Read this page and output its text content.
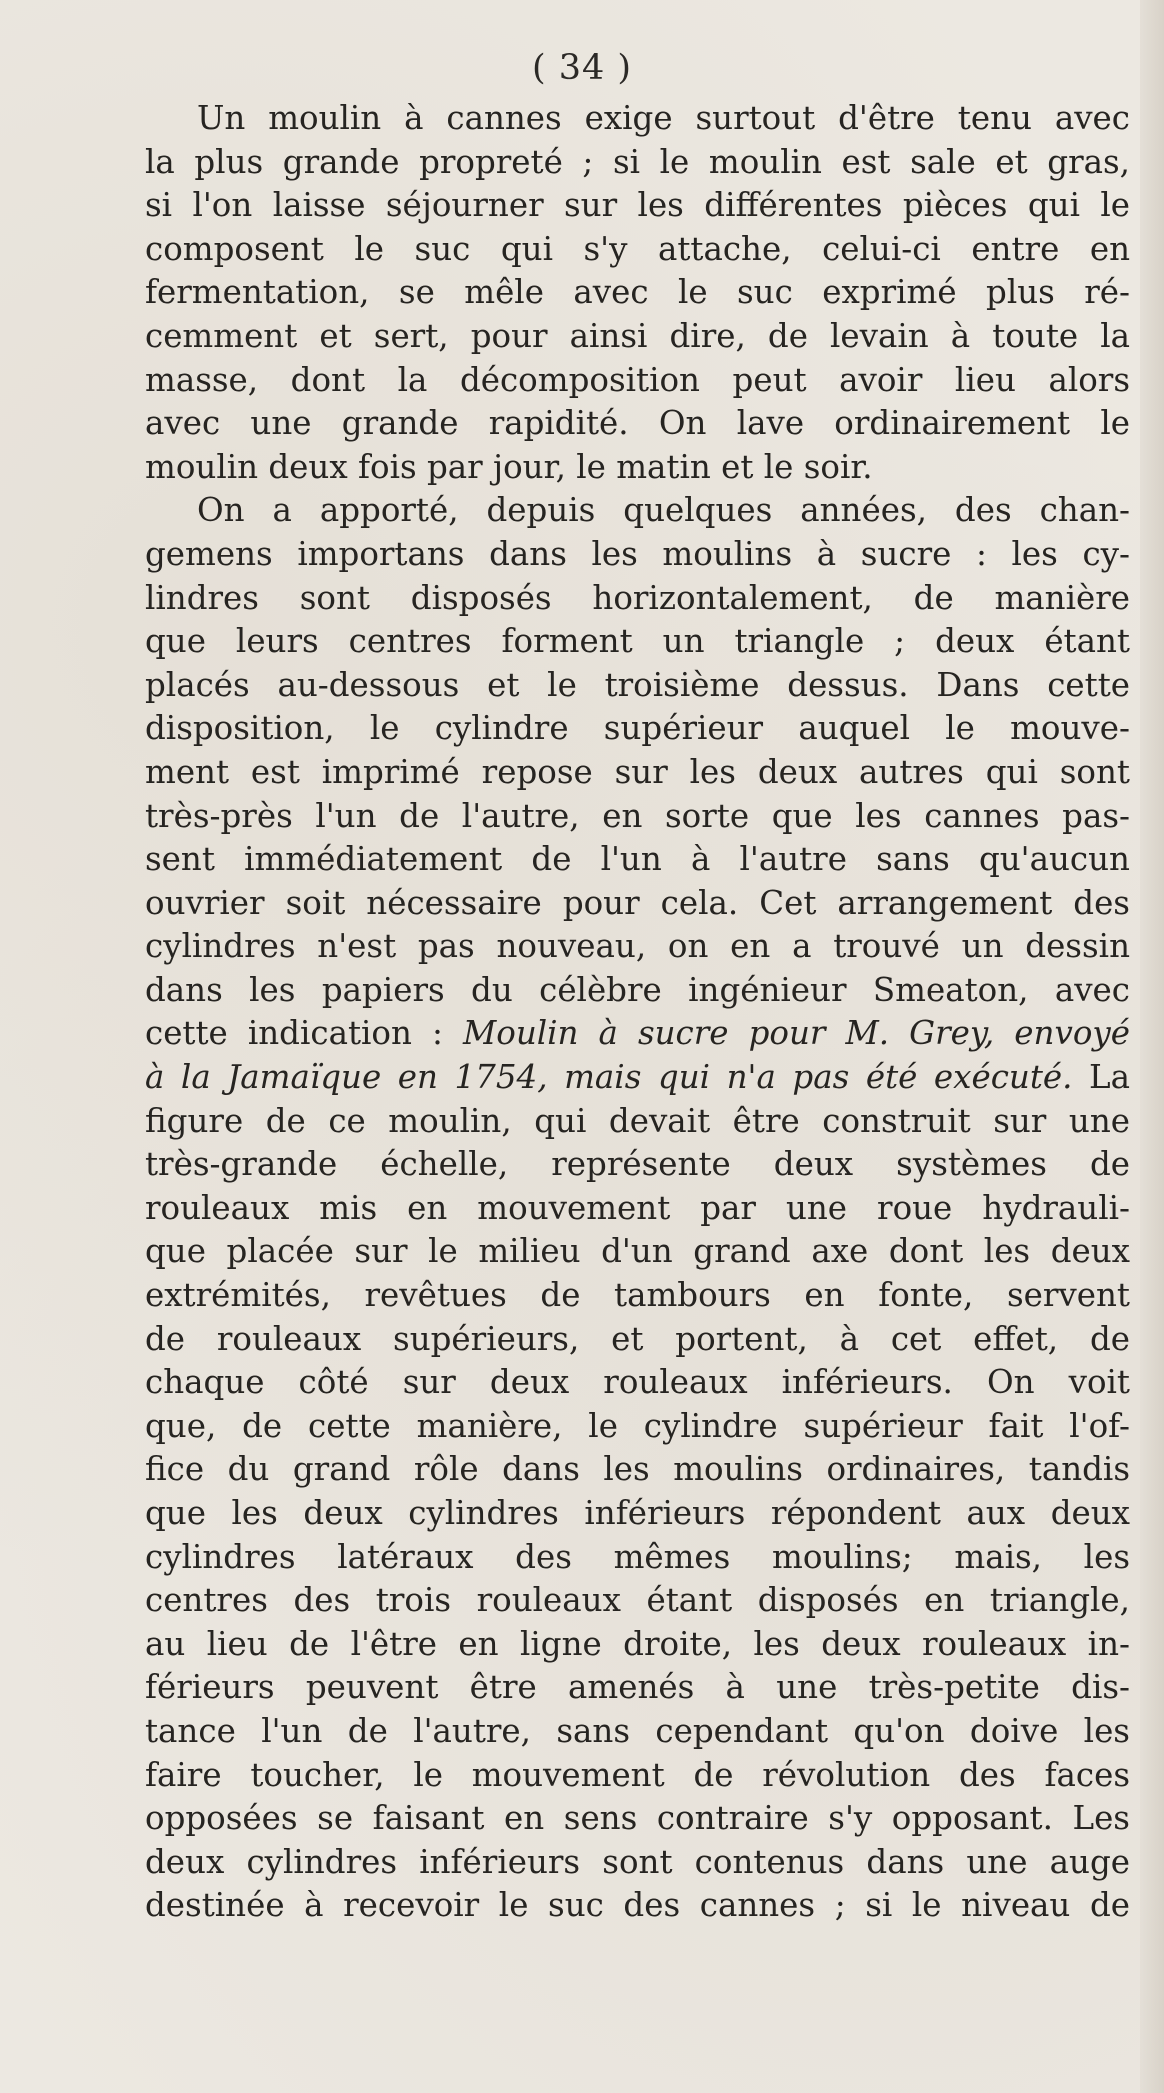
( 34 )
Un moulin à cannes exige surtout d'être tenu avec
la plus grande propreté ; si le moulin est sale et gras,
si l'on laisse séjourner sur les différentes pièces qui le
composent le suc qui s'y attache, celui-ci entre en
fermentation, se mêle avec le suc exprimé plus ré-
cemment et sert, pour ainsi dire, de levain à toute la
masse, dont la décomposition peut avoir lieu alors
avec une grande rapidité. On lave ordinairement le
moulin deux fois par jour, le matin et le soir.
On a apporté, depuis quelques années, des chan-
gemens importans dans les moulins à sucre : les cy-
lindres sont disposés horizontalement, de manière
que leurs centres forment un triangle ; deux étant
placés au-dessous et le troisième dessus. Dans cette
disposition, le cylindre supérieur auquel le mouve-
ment est imprimé repose sur les deux autres qui sont
très-près l'un de l'autre, en sorte que les cannes pas-
sent immédiatement de l'un à l'autre sans qu'aucun
ouvrier soit nécessaire pour cela. Cet arrangement des
cylindres n'est pas nouveau, on en a trouvé un dessin
dans les papiers du célèbre ingénieur Smeaton, avec
cette indication : Moulin à sucre pour M. Grey, envoyé
à la Jamaïque en 1754, mais qui n'a pas été exécuté. La
figure de ce moulin, qui devait être construit sur une
très-grande échelle, représente deux systèmes de
rouleaux mis en mouvement par une roue hydrauli-
que placée sur le milieu d'un grand axe dont les deux
extrémités, revêtues de tambours en fonte, servent
de rouleaux supérieurs, et portent, à cet effet, de
chaque côté sur deux rouleaux inférieurs. On voit
que, de cette manière, le cylindre supérieur fait l'of-
fice du grand rôle dans les moulins ordinaires, tandis
que les deux cylindres inférieurs répondent aux deux
cylindres latéraux des mêmes moulins; mais, les
centres des trois rouleaux étant disposés en triangle,
au lieu de l'être en ligne droite, les deux rouleaux in-
férieurs peuvent être amenés à une très-petite dis-
tance l'un de l'autre, sans cependant qu'on doive les
faire toucher, le mouvement de révolution des faces
opposées se faisant en sens contraire s'y opposant. Les
deux cylindres inférieurs sont contenus dans une auge
destinée à recevoir le suc des cannes ; si le niveau de
